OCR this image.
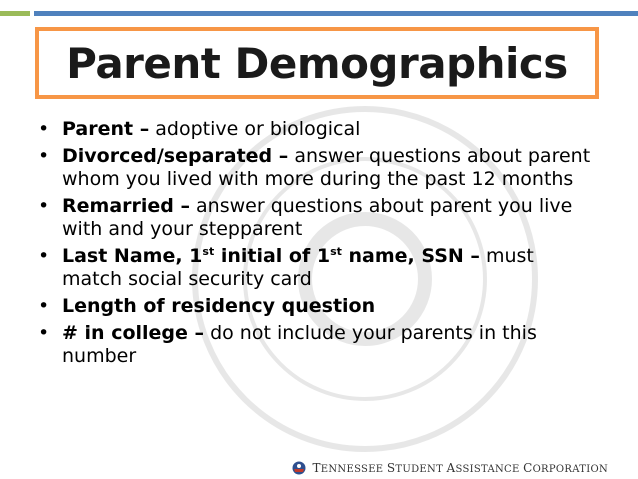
Parent Demographics
• Parent – adoptive or biological
• Divorced/separated – answer questions about parent whom you lived with more during the past 12 months
• Remarried – answer questions about parent you live with and your stepparent
• Last Name, 1st initial of 1st name, SSN – must match social security card
• Length of residency question
• # in college – do not include your parents in this number
TENNESSEE STUDENT ASSISTANCE CORPORATION
